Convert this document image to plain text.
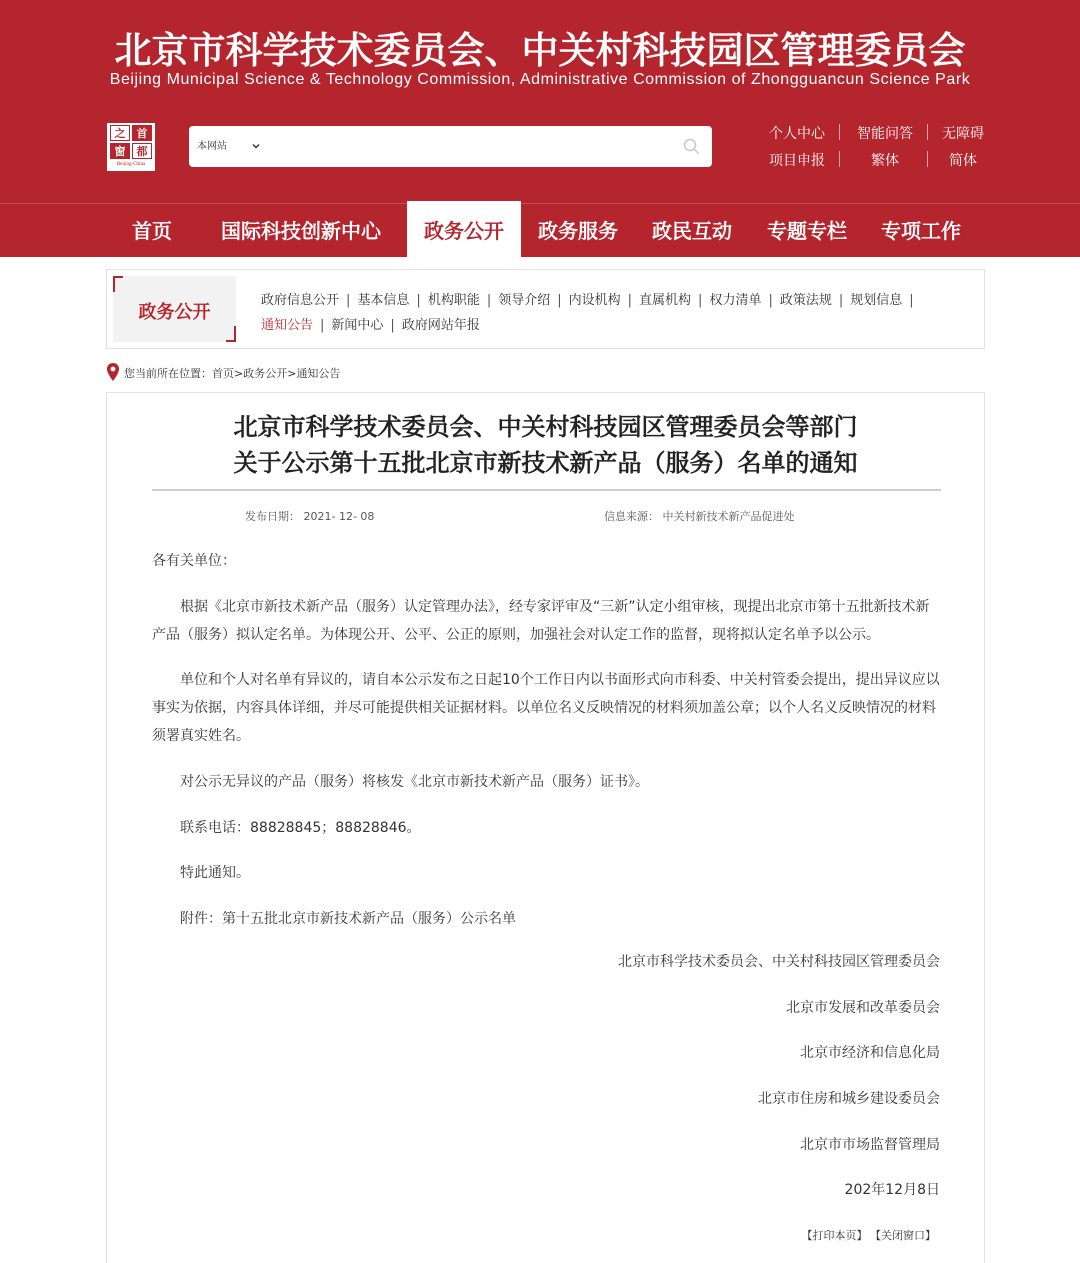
北京市科学技术委员会、中关村科技园区管理委员会
Beijing Municipal Science & Technology Commission, Administrative Commission of Zhongguancun Science Park
之	首
窗	都
Beijing-China
本网站
个人中心 智能问答 无障碍
项目申报	繁体	简体
首页	国际科技创新中心	政务公开	政务服务	政民互动	专题专栏	专项工作
政务公开
政府信息公开 | 基本信息 | 机构职能 | 领导介绍 | 内设机构 | 直属机构 | 权力清单 | 政策法规 | 规划信息 |
通知公告 | 新闻中心 | 政府网站年报
您当前所在位置：首页>政务公开>通知公告
北京市科学技术委员会、中关村科技园区管理委员会等部门
关于公示第十五批北京市新技术新产品（服务）名单的通知
发布日期： 2021- 12- 08	信息来源： 中关村新技术新产品促进处
各有关单位：
根据《北京市新技术新产品（服务）认定管理办法》，经专家评审及“三新”认定小组审核，现提出北京市第十五批新技术新产品（服务）拟认定名单。为体现公开、公平、公正的原则，加强社会对认定工作的监督，现将拟认定名单予以公示。
单位和个人对名单有异议的，请自本公示发布之日起10个工作日内以书面形式向市科委、中关村管委会提出，提出异议应以事实为依据，内容具体详细，并尽可能提供相关证据材料。以单位名义反映情况的材料须加盖公章；以个人名义反映情况的材料须署真实姓名。
对公示无异议的产品（服务）将核发《北京市新技术新产品（服务）证书》。
联系电话：88828845；88828846。
特此通知。
附件：第十五批北京市新技术新产品（服务）公示名单
北京市科学技术委员会、中关村科技园区管理委员会
北京市发展和改革委员会
北京市经济和信息化局
北京市住房和城乡建设委员会
北京市市场监督管理局
202年12月8日
【打印本页】 【关闭窗口】
